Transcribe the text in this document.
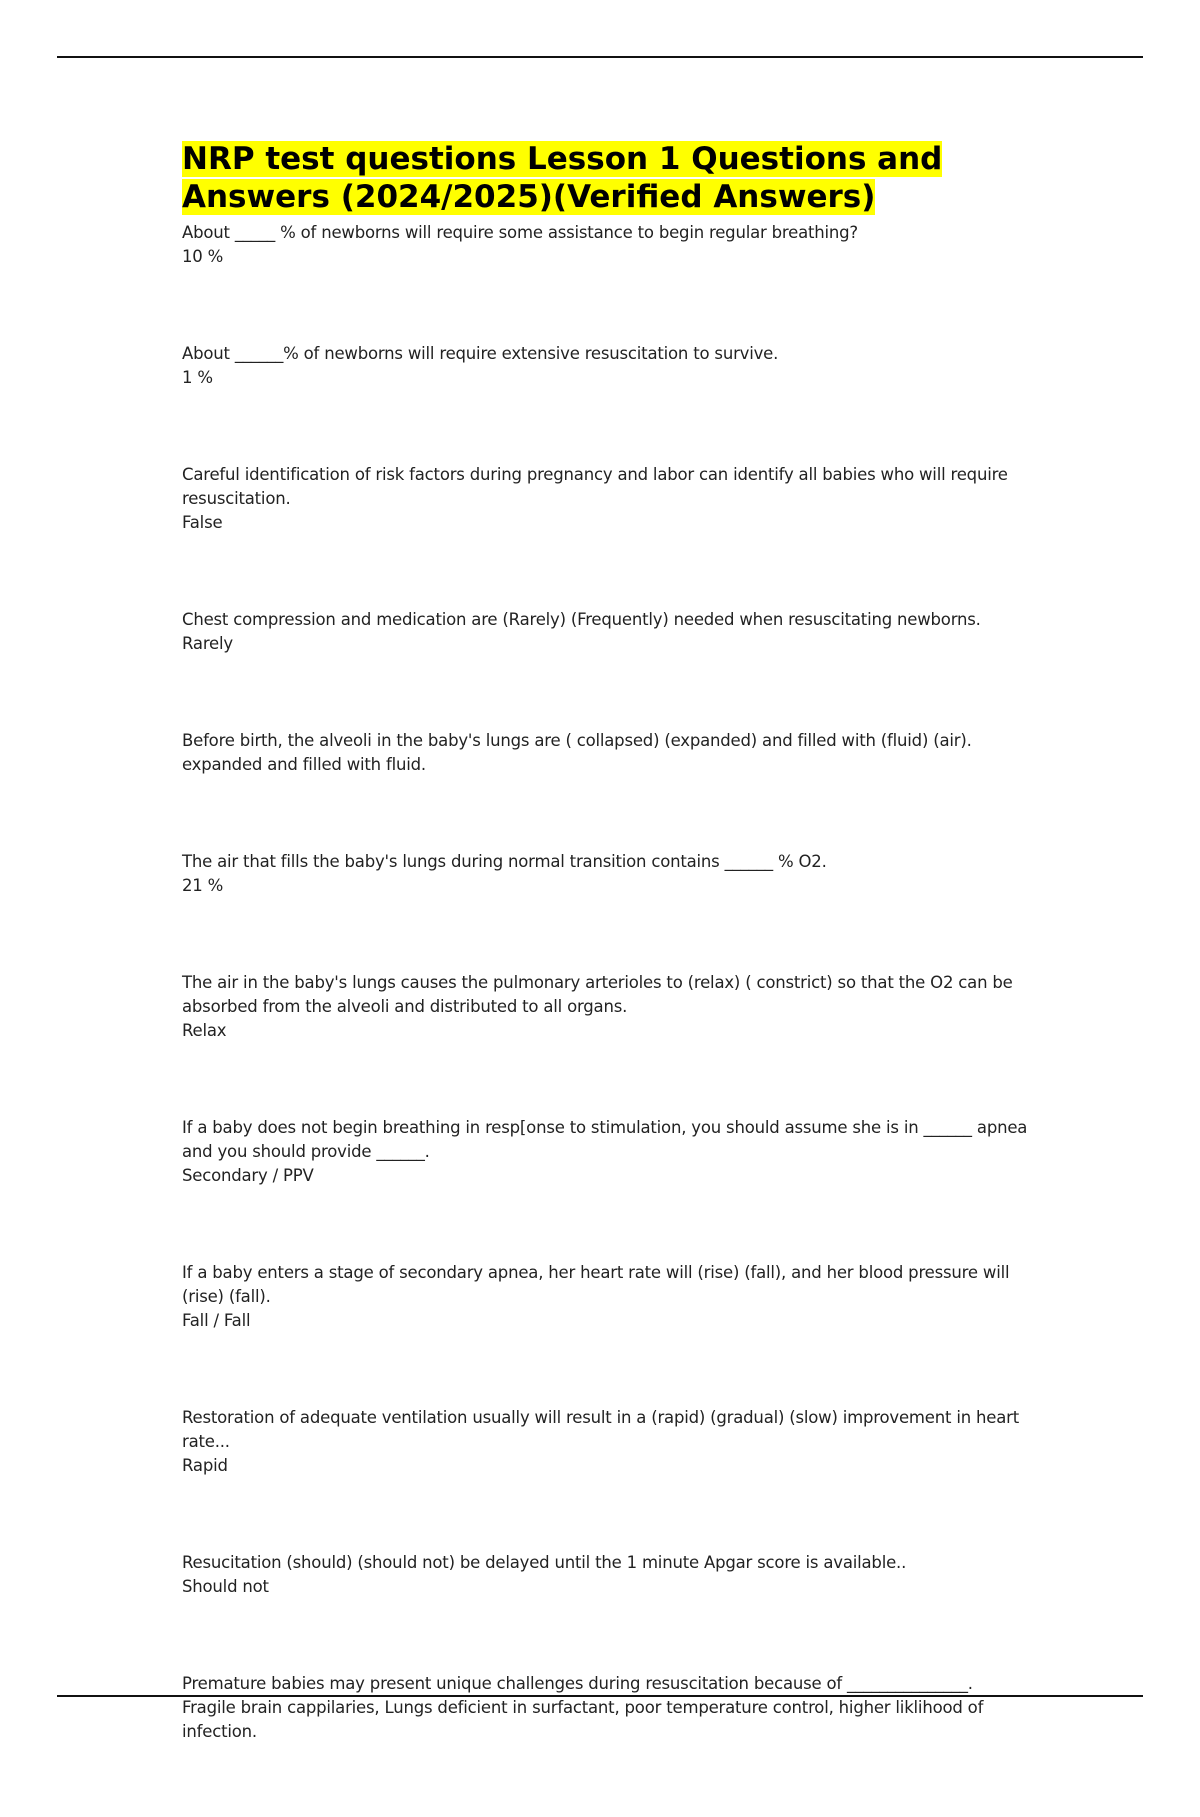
NRP test questions Lesson 1 Questions and Answers (2024/2025)(Verified Answers)
About _____ % of newborns will require some assistance to begin regular breathing?
10 %
About ______% of newborns will require extensive resuscitation to survive.
1 %
Careful identification of risk factors during pregnancy and labor can identify all babies who will require resuscitation.
False
Chest compression and medication are (Rarely) (Frequently) needed when resuscitating newborns.
Rarely
Before birth, the alveoli in the baby's lungs are ( collapsed) (expanded) and filled with (fluid) (air).
expanded and filled with fluid.
The air that fills the baby's lungs during normal transition contains ______ % O2.
21 %
The air in the baby's lungs causes the pulmonary arterioles to (relax) ( constrict) so that the O2 can be absorbed from the alveoli and distributed to all organs.
Relax
If a baby does not begin breathing in resp[onse to stimulation, you should assume she is in ______ apnea and you should provide ______.
Secondary / PPV
If a baby enters a stage of secondary apnea, her heart rate will (rise) (fall), and her blood pressure will (rise) (fall).
Fall / Fall
Restoration of adequate ventilation usually will result in a (rapid) (gradual) (slow) improvement in heart rate...
Rapid
Resucitation (should) (should not) be delayed until the 1 minute Apgar score is available..
Should not
Premature babies may present unique challenges during resuscitation because of _______________.
Fragile brain cappilaries, Lungs deficient in surfactant, poor temperature control, higher liklihood of infection.
